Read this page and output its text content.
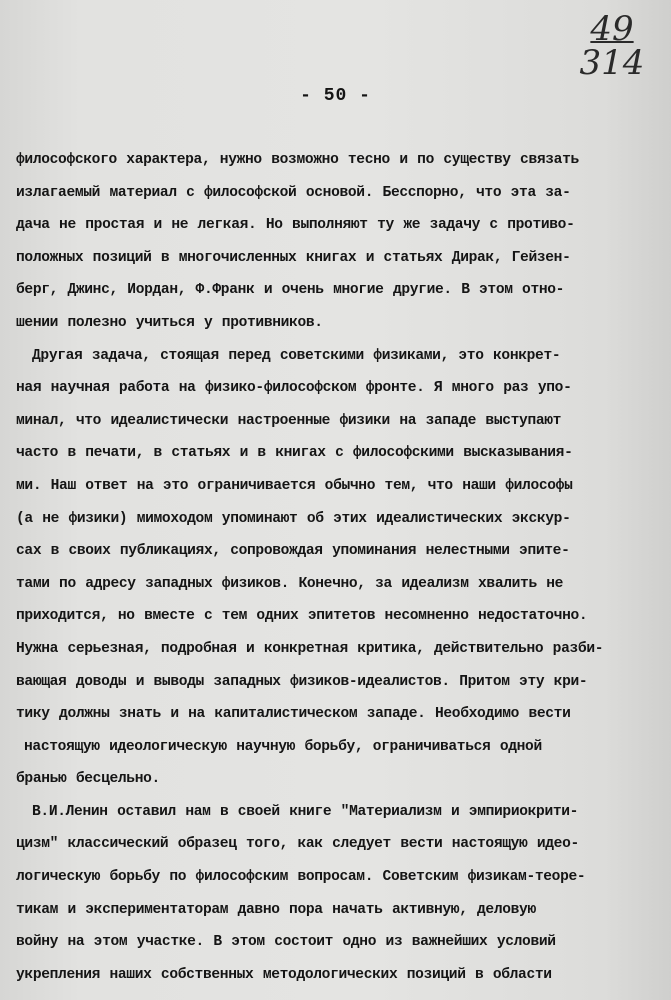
49
314
- 50 -
философского характера, нужно возможно тесно и по существу связать
излагаемый материал с философской основой. Бесспорно, что эта за-
дача не простая и не легкая. Но выполняют ту же задачу с противо-
положных позиций в многочисленных книгах и статьях Дирак, Гейзен-
берг, Джинс, Иордан, Ф.Франк и очень многие другие. В этом отно-
шении полезно учиться у противников.
Другая задача, стоящая перед советскими физиками, это конкрет-
ная научная работа на физико-философском фронте. Я много раз упо-
минал, что идеалистически настроенные физики на западе выступают
часто в печати, в статьях и в книгах с философскими высказывания-
ми. Наш ответ на это ограничивается обычно тем, что наши философы
(а не физики) мимоходом упоминают об этих идеалистических экскур-
сах в своих публикациях, сопровождая упоминания нелестными эпите-
тами по адресу западных физиков. Конечно, за идеализм хвалить не
приходится, но вместе с тем одних эпитетов несомненно недостаточно.
Нужна серьезная, подробная и конкретная критика, действительно разби-
вающая доводы и выводы западных физиков-идеалистов. Притом эту кри-
тику должны знать и на капиталистическом западе. Необходимо вести
настоящую идеологическую научную борьбу, ограничиваться одной
бранью бесцельно.
В.И.Ленин оставил нам в своей книге "Материализм и эмпириокрити-
цизм" классический образец того, как следует вести настоящую идео-
логическую борьбу по философским вопросам. Советским физикам-теоре-
тикам и экспериментаторам давно пора начать активную, деловую
войну на этом участке. В этом состоит одно из важнейших условий
укрепления наших собственных методологических позиций в области
